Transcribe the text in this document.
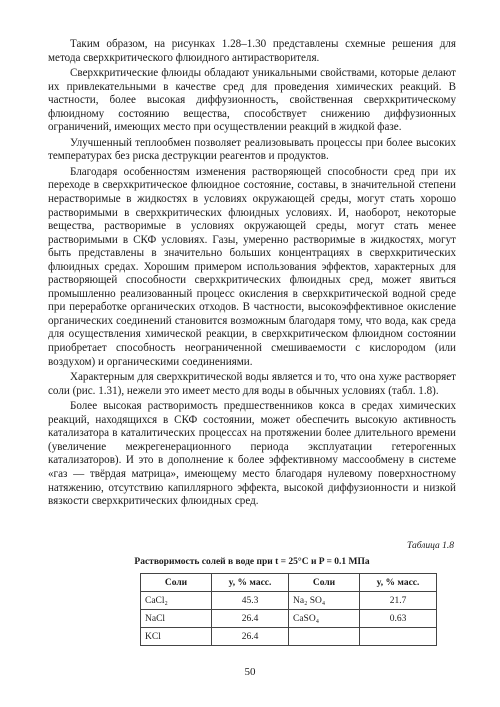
Таким образом, на рисунках 1.28–1.30 представлены схемные решения для метода сверхкритического флюидного антирастворителя.

Сверхкритические флюиды обладают уникальными свойствами, которые делают их привлекательными в качестве сред для проведения химических реакций. В частности, более высокая диффузионность, свойственная сверхкритическому флюидному состоянию вещества, способствует снижению диффузионных ограничений, имеющих место при осуществлении реакций в жидкой фазе.

Улучшенный теплообмен позволяет реализовывать процессы при более высоких температурах без риска деструкции реагентов и продуктов.

Благодаря особенностям изменения растворяющей способности сред при их переходе в сверхкритическое флюидное состояние, составы, в значительной степени нерастворимые в жидкостях в условиях окружающей среды, могут стать хорошо растворимыми в сверхкритических флюидных условиях. И, наоборот, некоторые вещества, растворимые в условиях окружающей среды, могут стать менее растворимыми в СКФ условиях. Газы, умеренно растворимые в жидкостях, могут быть представлены в значительно больших концентрациях в сверхкритических флюидных средах. Хорошим примером использования эффектов, характерных для растворяющей способности сверхкритических флюидных сред, может явиться промышленно реализованный процесс окисления в сверхкритической водной среде при переработке органических отходов. В частности, высокоэффективное окисление органических соединений становится возможным благодаря тому, что вода, как среда для осуществления химической реакции, в сверхкритическом флюидном состоянии приобретает способность неограниченной смешиваемости с кислородом (или воздухом) и органическими соединениями.

Характерным для сверхкритической воды является и то, что она хуже растворяет соли (рис. 1.31), нежели это имеет место для воды в обычных условиях (табл. 1.8).

Более высокая растворимость предшественников кокса в средах химических реакций, находящихся в СКФ состоянии, может обеспечить высокую активность катализатора в каталитических процессах на протяжении более длительного времени (увеличение межрегенерационного периода эксплуатации гетерогенных катализаторов). И это в дополнение к более эффективному массообмену в системе «газ — твёрдая матрица», имеющему место благодаря нулевому поверхностному натяжению, отсутствию капиллярного эффекта, высокой диффузионности и низкой вязкости сверхкритических флюидных сред.

Таблица 1.8
Растворимость солей в воде при t = 25°С и P = 0.1 МПа
Соли	y, % масс.	Соли	y, % масс.
CaCl₂	45.3	Na₂ SO₄	21.7
NaCl	26.4	CaSO₄	0.63
KCl	26.4		
50
